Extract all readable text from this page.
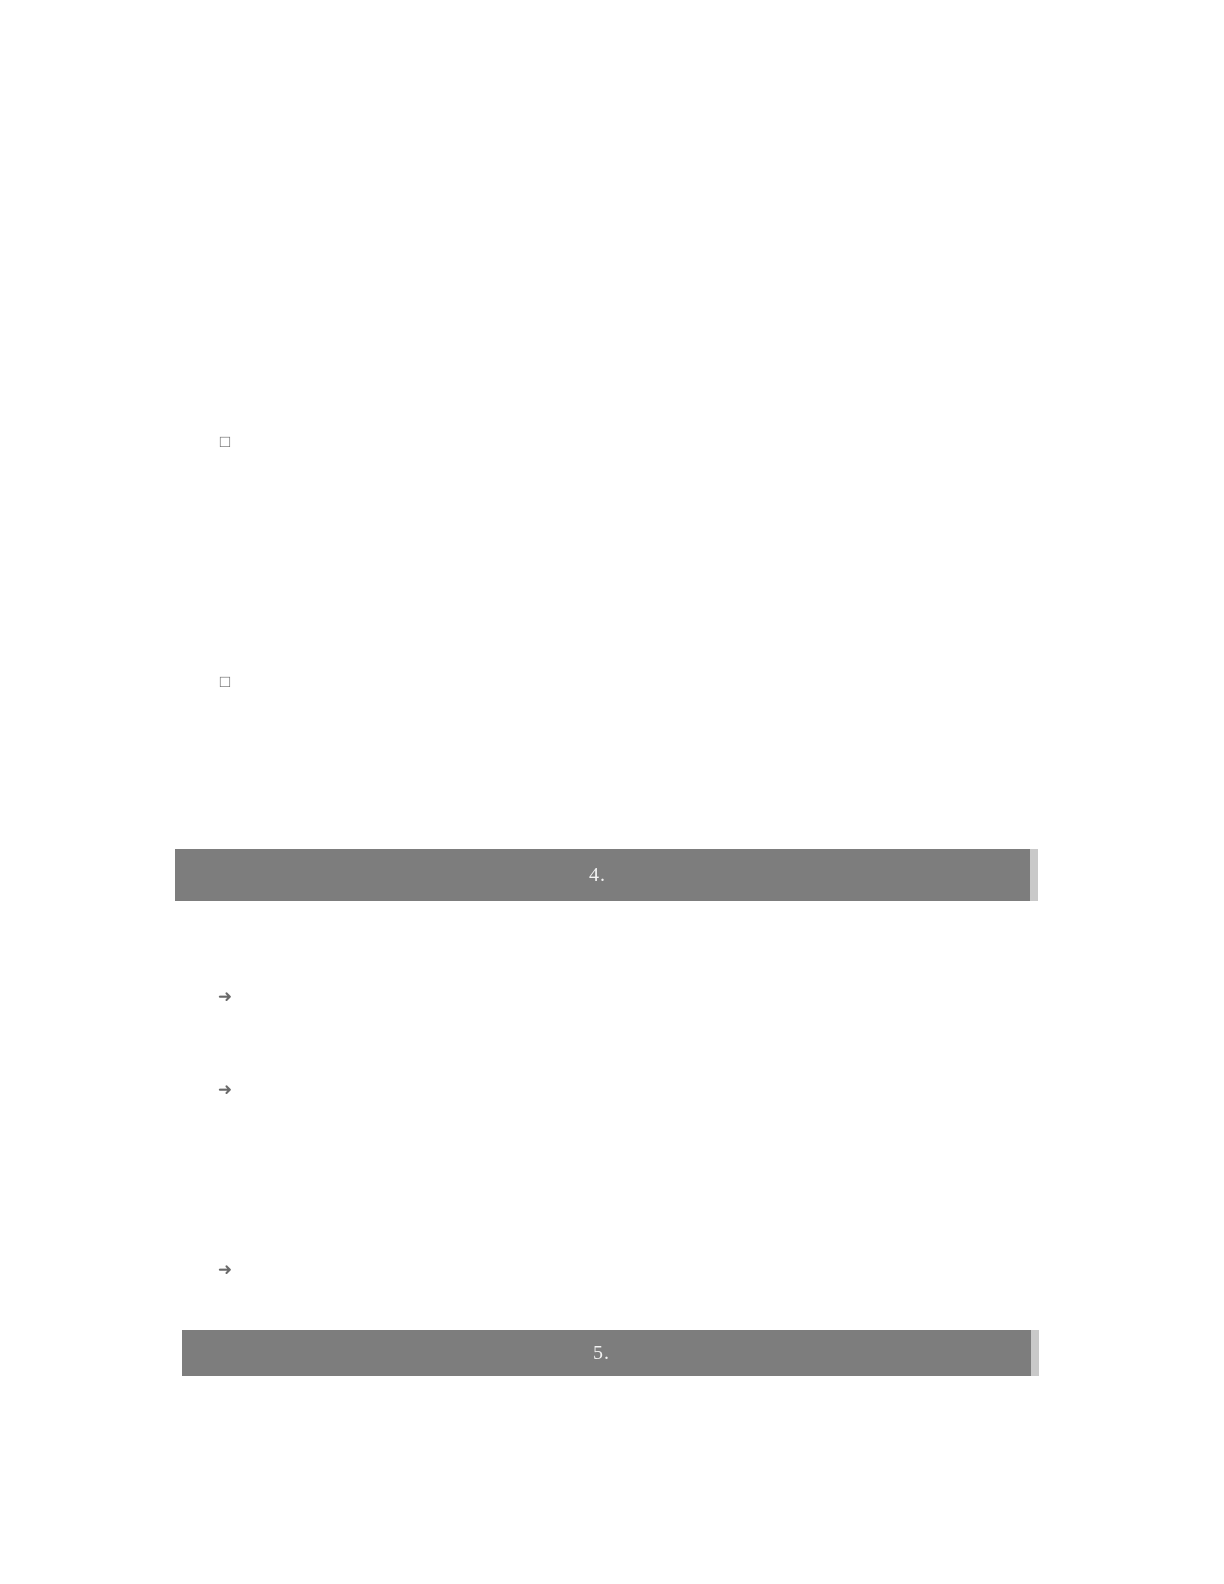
□
□
4.
➜
➜
➜
5.
